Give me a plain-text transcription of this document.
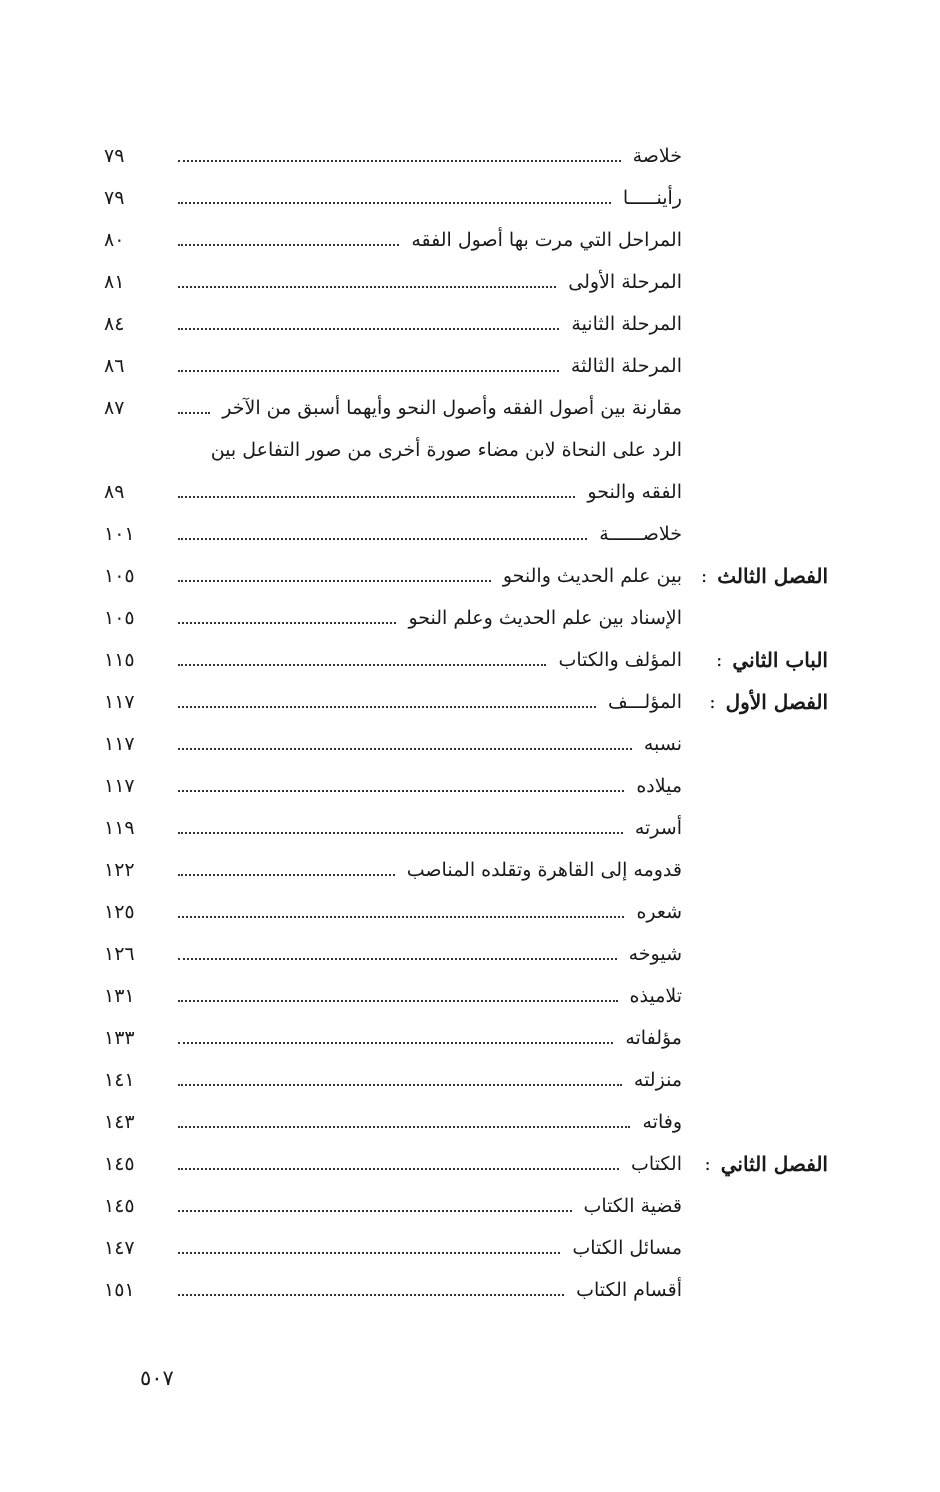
خلاصة
٧٩
رأينـــــا
٧٩
المراحل التي مرت بها أصول الفقه
٨٠
المرحلة الأولى
٨١
المرحلة الثانية
٨٤
المرحلة الثالثة
٨٦
مقارنة بين أصول الفقه وأصول النحو وأيهما أسبق من الآخر
٨٧
الرد على النحاة لابن مضاء صورة أخرى من صور التفاعل بين
الفقه والنحو
٨٩
خلاصــــــة
١٠١
الفصل الثالث
:
بين علم الحديث والنحو
١٠٥
الإسناد بين علم الحديث وعلم النحو
١٠٥
الباب الثاني
:
المؤلف والكتاب
١١٥
الفصل الأول
:
المؤلـــف
١١٧
نسبه
١١٧
ميلاده
١١٧
أسرته
١١٩
قدومه إلى القاهرة وتقلده المناصب
١٢٢
شعره
١٢٥
شيوخه
١٢٦
تلاميذه
١٣١
مؤلفاته
١٣٣
منزلته
١٤١
وفاته
١٤٣
الفصل الثاني
:
الكتاب
١٤٥
قضية الكتاب
١٤٥
مسائل الكتاب
١٤٧
أقسام الكتاب
١٥١
٥٠٧
